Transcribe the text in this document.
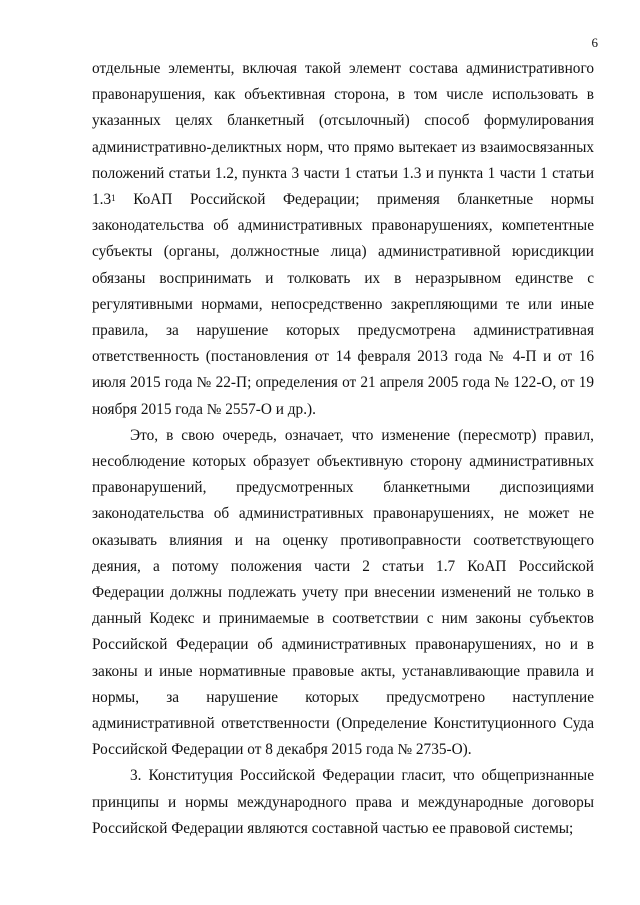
6

отдельные элементы, включая такой элемент состава административного правонарушения, как объективная сторона, в том числе использовать в указанных целях бланкетный (отсылочный) способ формулирования административно-деликтных норм, что прямо вытекает из взаимосвязанных положений статьи 1.2, пункта 3 части 1 статьи 1.3 и пункта 1 части 1 статьи $1.3^1$ КоАП Российской Федерации; применяя бланкетные нормы законодательства об административных правонарушениях, компетентные субъекты (органы, должностные лица) административной юрисдикции обязаны воспринимать и толковать их в неразрывном единстве с регулятивными нормами, непосредственно закрепляющими те или иные правила, за нарушение которых предусмотрена административная ответственность (постановления от 14 февраля 2013 года № 4-П и от 16 июля 2015 года № 22-П; определения от 21 апреля 2005 года № 122-О, от 19 ноября 2015 года № 2557-О и др.).

Это, в свою очередь, означает, что изменение (пересмотр) правил, несоблюдение которых образует объективную сторону административных правонарушений, предусмотренных бланкетными диспозициями законодательства об административных правонарушениях, не может не оказывать влияния и на оценку противоправности соответствующего деяния, а потому положения части 2 статьи 1.7 КоАП Российской Федерации должны подлежать учету при внесении изменений не только в данный Кодекс и принимаемые в соответствии с ним законы субъектов Российской Федерации об административных правонарушениях, но и в законы и иные нормативные правовые акты, устанавливающие правила и нормы, за нарушение которых предусмотрено наступление административной ответственности (Определение Конституционного Суда Российской Федерации от 8 декабря 2015 года № 2735-О).

3. Конституция Российской Федерации гласит, что общепризнанные принципы и нормы международного права и международные договоры Российской Федерации являются составной частью ее правовой системы;
